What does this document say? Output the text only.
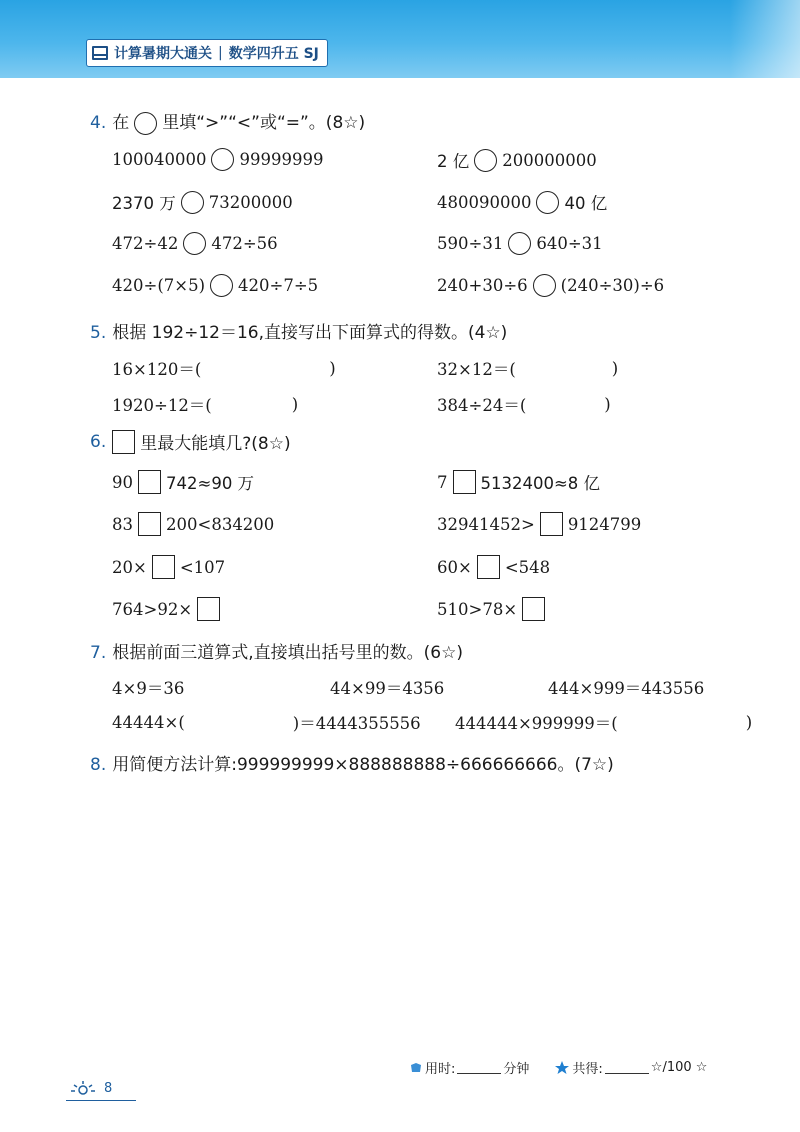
计算暑期大通关 | 数学四升五 SJ
4. 在 里填“>”“<”或“=”。(8☆)
100040000 99999999	2 亿 200000000
2370 万 73200000	480090000 40 亿
472÷42 472÷56	590÷31 640÷31
420÷(7×5) 420÷7÷5	240+30÷6 (240÷30)÷6
5. 根据 192÷12＝16,直接写出下面算式的得数。(4☆)
16×120＝(	)	32×12＝(	)
1920÷12＝(	)	384÷24＝(	)
6. 里最大能填几?(8☆)
90 742≈90 万	7 5132400≈8 亿
83 200<834200	32941452> 9124799
20× <107	60× <548
764>92×	510>78×
7. 根据前面三道算式,直接填出括号里的数。(6☆)
4×9＝36	44×99＝4356	444×999＝443556
44444×(	)＝4444355556 444444×999999＝(	)
8. 用简便方法计算:999999999×888888888÷666666666。(7☆)
用时:	分钟	共得:	☆/100 ☆
8
